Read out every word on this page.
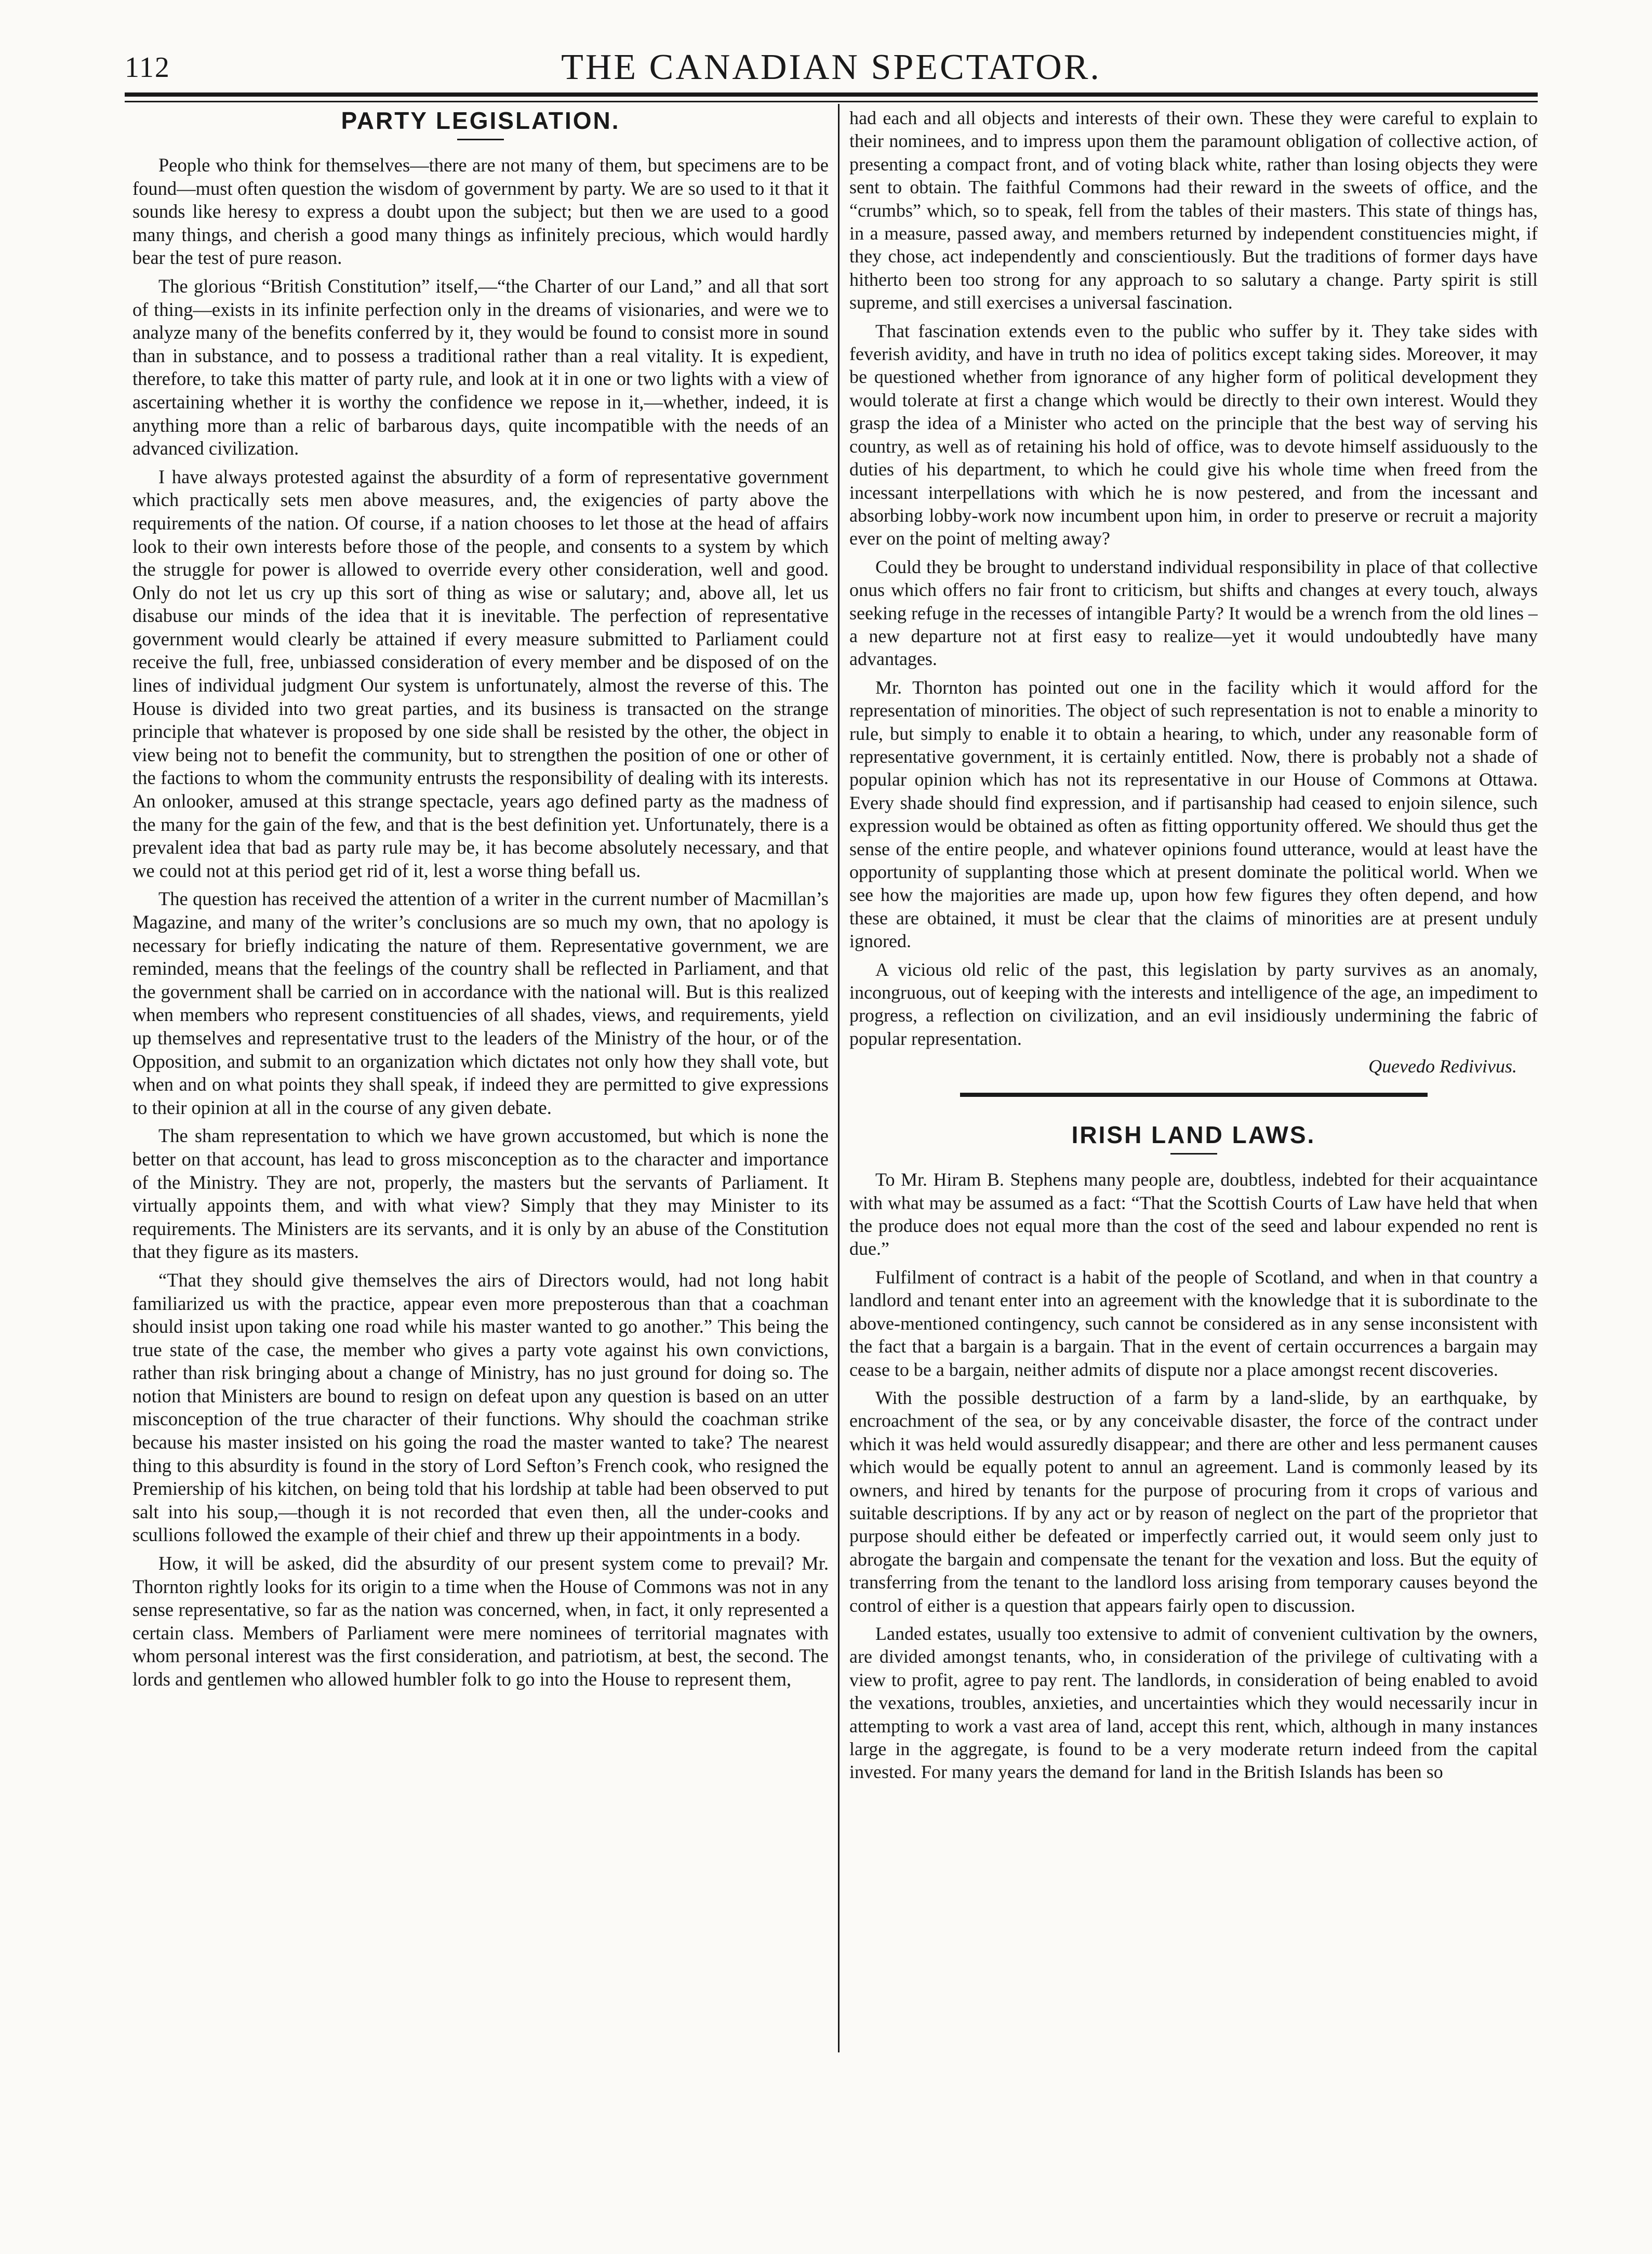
112	THE CANADIAN SPECTATOR.
PARTY LEGISLATION.

People who think for themselves—there are not many of them, but specimens are to be found—must often question the wisdom of government by party. We are so used to it that it sounds like heresy to express a doubt upon the subject; but then we are used to a good many things, and cherish a good many things as infinitely precious, which would hardly bear the test of pure reason.

The glorious “British Constitution” itself,—“the Charter of our Land,” and all that sort of thing—exists in its infinite perfection only in the dreams of visionaries, and were we to analyze many of the benefits conferred by it, they would be found to consist more in sound than in substance, and to possess a traditional rather than a real vitality. It is expedient, therefore, to take this matter of party rule, and look at it in one or two lights with a view of ascertaining whether it is worthy the confidence we repose in it,—whether, indeed, it is anything more than a relic of barbarous days, quite incompatible with the needs of an advanced civilization.

I have always protested against the absurdity of a form of representative government which practically sets men above measures, and, the exigencies of party above the requirements of the nation. Of course, if a nation chooses to let those at the head of affairs look to their own interests before those of the people, and consents to a system by which the struggle for power is allowed to override every other consideration, well and good. Only do not let us cry up this sort of thing as wise or salutary; and, above all, let us disabuse our minds of the idea that it is inevitable. The perfection of representative government would clearly be attained if every measure submitted to Parliament could receive the full, free, unbiassed consideration of every member and be disposed of on the lines of individual judgment Our system is unfortunately, almost the reverse of this. The House is divided into two great parties, and its business is transacted on the strange principle that whatever is proposed by one side shall be resisted by the other, the object in view being not to benefit the community, but to strengthen the position of one or other of the factions to whom the community entrusts the responsibility of dealing with its interests. An onlooker, amused at this strange spectacle, years ago defined party as the madness of the many for the gain of the few, and that is the best definition yet. Unfortunately, there is a prevalent idea that bad as party rule may be, it has become absolutely necessary, and that we could not at this period get rid of it, lest a worse thing befall us.

The question has received the attention of a writer in the current number of Macmillan’s Magazine, and many of the writer’s conclusions are so much my own, that no apology is necessary for briefly indicating the nature of them. Representative government, we are reminded, means that the feelings of the country shall be reflected in Parliament, and that the government shall be carried on in accordance with the national will. But is this realized when members who represent constituencies of all shades, views, and requirements, yield up themselves and representative trust to the leaders of the Ministry of the hour, or of the Opposition, and submit to an organization which dictates not only how they shall vote, but when and on what points they shall speak, if indeed they are permitted to give expressions to their opinion at all in the course of any given debate.

The sham representation to which we have grown accustomed, but which is none the better on that account, has lead to gross misconception as to the character and importance of the Ministry. They are not, properly, the masters but the servants of Parliament. It virtually appoints them, and with what view? Simply that they may Minister to its requirements. The Ministers are its servants, and it is only by an abuse of the Constitution that they figure as its masters.

“That they should give themselves the airs of Directors would, had not long habit familiarized us with the practice, appear even more preposterous than that a coachman should insist upon taking one road while his master wanted to go another.” This being the true state of the case, the member who gives a party vote against his own convictions, rather than risk bringing about a change of Ministry, has no just ground for doing so. The notion that Ministers are bound to resign on defeat upon any question is based on an utter misconception of the true character of their functions. Why should the coachman strike because his master insisted on his going the road the master wanted to take? The nearest thing to this absurdity is found in the story of Lord Sefton’s French cook, who resigned the Premiership of his kitchen, on being told that his lordship at table had been observed to put salt into his soup,—though it is not recorded that even then, all the under-cooks and scullions followed the example of their chief and threw up their appointments in a body.

How, it will be asked, did the absurdity of our present system come to prevail? Mr. Thornton rightly looks for its origin to a time when the House of Commons was not in any sense representative, so far as the nation was concerned, when, in fact, it only represented a certain class. Members of Parliament were mere nominees of territorial magnates with whom personal interest was the first consideration, and patriotism, at best, the second. The lords and gentlemen who allowed humbler folk to go into the House to represent them,

had each and all objects and interests of their own. These they were careful to explain to their nominees, and to impress upon them the paramount obligation of collective action, of presenting a compact front, and of voting black white, rather than losing objects they were sent to obtain. The faithful Commons had their reward in the sweets of office, and the “crumbs” which, so to speak, fell from the tables of their masters. This state of things has, in a measure, passed away, and members returned by independent constituencies might, if they chose, act independently and conscientiously. But the traditions of former days have hitherto been too strong for any approach to so salutary a change. Party spirit is still supreme, and still exercises a universal fascination.

That fascination extends even to the public who suffer by it. They take sides with feverish avidity, and have in truth no idea of politics except taking sides. Moreover, it may be questioned whether from ignorance of any higher form of political development they would tolerate at first a change which would be directly to their own interest. Would they grasp the idea of a Minister who acted on the principle that the best way of serving his country, as well as of retaining his hold of office, was to devote himself assiduously to the duties of his department, to which he could give his whole time when freed from the incessant interpellations with which he is now pestered, and from the incessant and absorbing lobby-work now incumbent upon him, in order to preserve or recruit a majority ever on the point of melting away?

Could they be brought to understand individual responsibility in place of that collective onus which offers no fair front to criticism, but shifts and changes at every touch, always seeking refuge in the recesses of intangible Party? It would be a wrench from the old lines – a new departure not at first easy to realize—yet it would undoubtedly have many advantages.

Mr. Thornton has pointed out one in the facility which it would afford for the representation of minorities. The object of such representation is not to enable a minority to rule, but simply to enable it to obtain a hearing, to which, under any reasonable form of representative government, it is certainly entitled. Now, there is probably not a shade of popular opinion which has not its representative in our House of Commons at Ottawa. Every shade should find expression, and if partisanship had ceased to enjoin silence, such expression would be obtained as often as fitting opportunity offered. We should thus get the sense of the entire people, and whatever opinions found utterance, would at least have the opportunity of supplanting those which at present dominate the political world. When we see how the majorities are made up, upon how few figures they often depend, and how these are obtained, it must be clear that the claims of minorities are at present unduly ignored.

A vicious old relic of the past, this legislation by party survives as an anomaly, incongruous, out of keeping with the interests and intelligence of the age, an impediment to progress, a reflection on civilization, and an evil insidiously undermining the fabric of popular representation.

Quevedo Redivivus.
IRISH LAND LAWS.

To Mr. Hiram B. Stephens many people are, doubtless, indebted for their acquaintance with what may be assumed as a fact: “That the Scottish Courts of Law have held that when the produce does not equal more than the cost of the seed and labour expended no rent is due.”

Fulfilment of contract is a habit of the people of Scotland, and when in that country a landlord and tenant enter into an agreement with the knowledge that it is subordinate to the above-mentioned contingency, such cannot be considered as in any sense inconsistent with the fact that a bargain is a bargain. That in the event of certain occurrences a bargain may cease to be a bargain, neither admits of dispute nor a place amongst recent discoveries.

With the possible destruction of a farm by a land-slide, by an earthquake, by encroachment of the sea, or by any conceivable disaster, the force of the contract under which it was held would assuredly disappear; and there are other and less permanent causes which would be equally potent to annul an agreement. Land is commonly leased by its owners, and hired by tenants for the purpose of procuring from it crops of various and suitable descriptions. If by any act or by reason of neglect on the part of the proprietor that purpose should either be defeated or imperfectly carried out, it would seem only just to abrogate the bargain and compensate the tenant for the vexation and loss. But the equity of transferring from the tenant to the landlord loss arising from temporary causes beyond the control of either is a question that appears fairly open to discussion.

Landed estates, usually too extensive to admit of convenient cultivation by the owners, are divided amongst tenants, who, in consideration of the privilege of cultivating with a view to profit, agree to pay rent. The landlords, in consideration of being enabled to avoid the vexations, troubles, anxieties, and uncertainties which they would necessarily incur in attempting to work a vast area of land, accept this rent, which, although in many instances large in the aggregate, is found to be a very moderate return indeed from the capital invested. For many years the demand for land in the British Islands has been so
